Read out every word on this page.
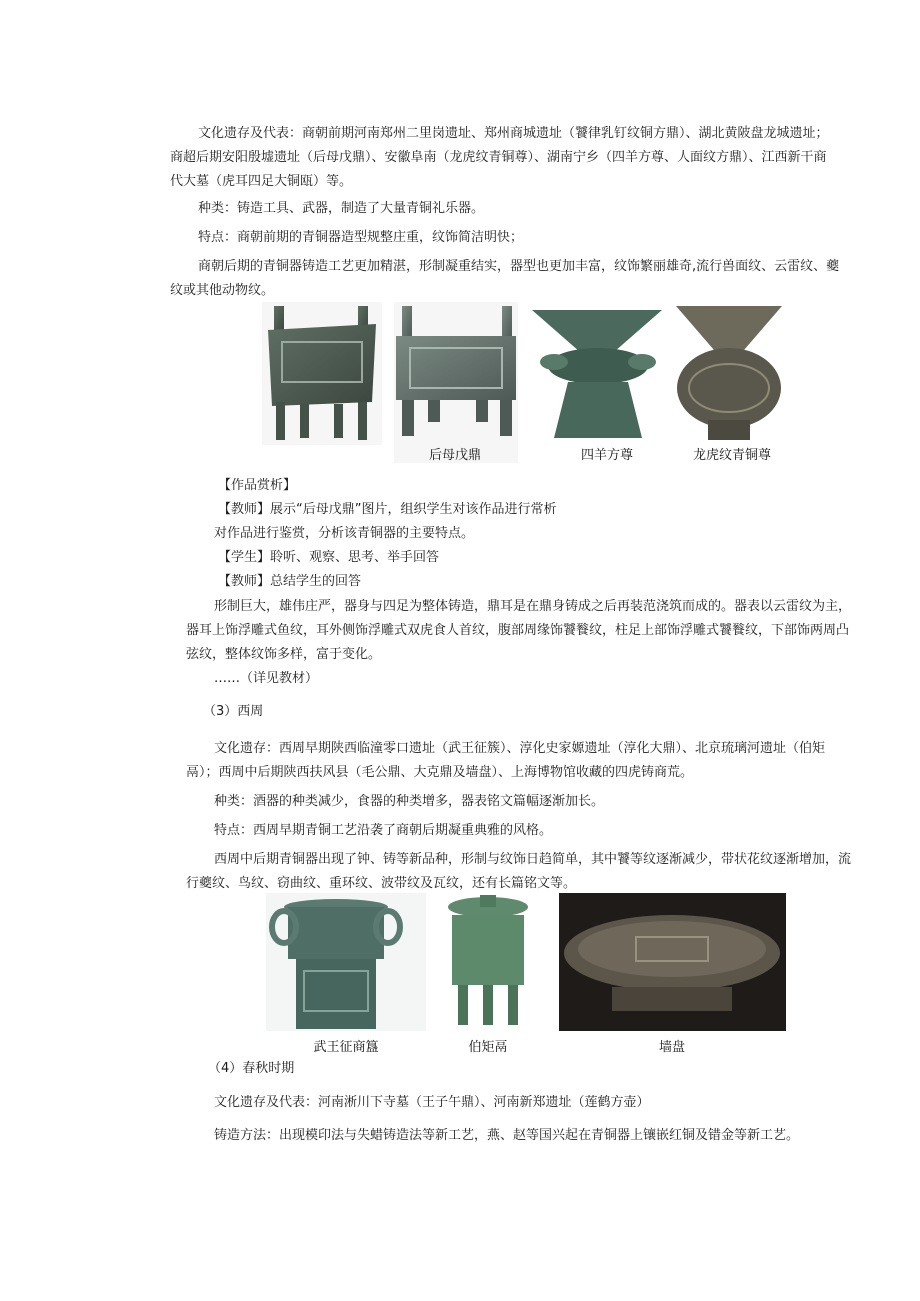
文化遗存及代表：商朝前期河南郑州二里岗遗址、郑州商城遗址（饕律乳钉纹铜方鼎）、湖北黄陂盘龙城遗址；
商超后期安阳殷墟遗址（后母戊鼎）、安徽阜南（龙虎纹青铜尊）、湖南宁乡（四羊方尊、人面纹方鼎）、江西新干商
代大墓（虎耳四足大铜瓯）等。
种类：铸造工具、武器，制造了大量青铜礼乐器。
特点：商朝前期的青铜器造型规整庄重，纹饰简洁明快；
商朝后期的青铜器铸造工艺更加精湛，形制凝重结实，器型也更加丰富，纹饰繁丽雄奇,流行兽面纹、云雷纹、夔
纹或其他动物纹。
后母戊鼎	四羊方尊	龙虎纹青铜尊
【作品赏析】
【教师】展示“后母戊鼎”图片，组织学生对该作品进行常析
对作品进行鉴赏，分析该青铜器的主要特点。
【学生】聆听、观察、思考、举手回答
【教师】总结学生的回答
形制巨大，雄伟庄严，器身与四足为整体铸造，鼎耳是在鼎身铸成之后再装范浇筑而成的。器表以云雷纹为主，
器耳上饰浮雕式鱼纹，耳外侧饰浮雕式双虎食人首纹，腹部周缘饰饕餮纹，柱足上部饰浮雕式饕餮纹，下部饰两周凸
弦纹，整体纹饰多样，富于变化。
……（详见教材）
（3）西周
文化遗存：西周早期陕西临潼零口遗址（武王征簇）、淳化史家嫄遗址（淳化大鼎）、北京琉璃河遗址（伯矩
鬲）；西周中后期陕西扶风县（毛公鼎、大克鼎及墙盘）、上海博物馆收藏的四虎铸商荒。
种类：酒器的种类减少，食器的种类增多，器表铭文篇幅逐渐加长。
特点：西周早期青铜工艺沿袭了商朝后期凝重典雅的风格。
西周中后期青铜器出现了钟、铸等新品种，形制与纹饰日趋简单，其中饕等纹逐渐减少，带状花纹逐渐增加，流
行夔纹、鸟纹、窃曲纹、重环纹、波带纹及瓦纹，还有长篇铭文等。
武王征商簋	伯矩鬲	墙盘
（4）春秋时期
文化遗存及代表：河南淅川下寺墓（王子午鼎）、河南新郑遗址（莲鹤方壶）
铸造方法：出现模印法与失蜡铸造法等新工艺，燕、赵等国兴起在青铜器上镶嵌红铜及错金等新工艺。
